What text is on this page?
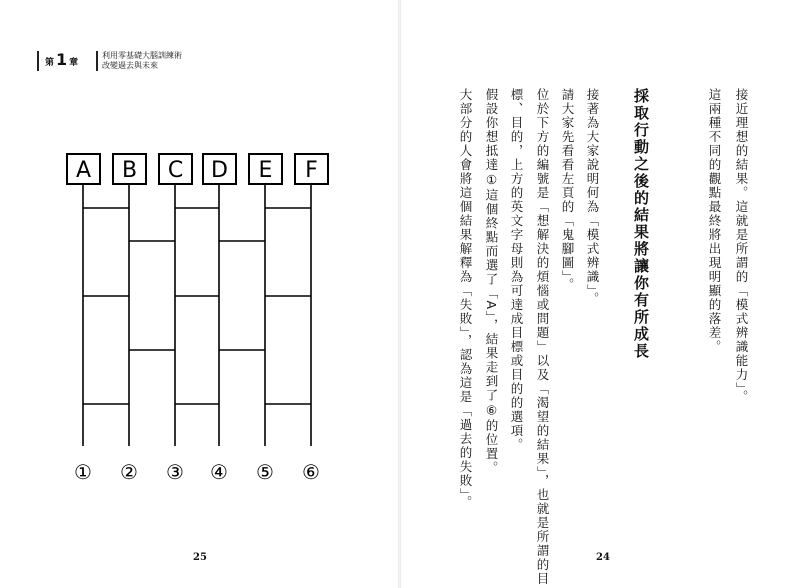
第 1 章
利用零基礎大腦訓練術
改變過去與未來
A B C D E F
① ② ③ ④ ⑤ ⑥
接近理想的結果。這就是所謂的「模式辨識能力」。
這兩種不同的觀點最終將出現明顯的落差。
採取行動之後的結果將讓你有所成長
接著為大家說明何為「模式辨識」。
請大家先看看左頁的「鬼腳圖」。
位於下方的編號是「想解決的煩惱或問題」以及「渴望的結果」，也就是所謂的目
標、目的，上方的英文字母則為可達成目標或目的的選項。
假設你想抵達①這個終點而選了「A」，結果走到了⑥的位置。
大部分的人會將這個結果解釋為「失敗」，認為這是「過去的失敗」。
25	24
